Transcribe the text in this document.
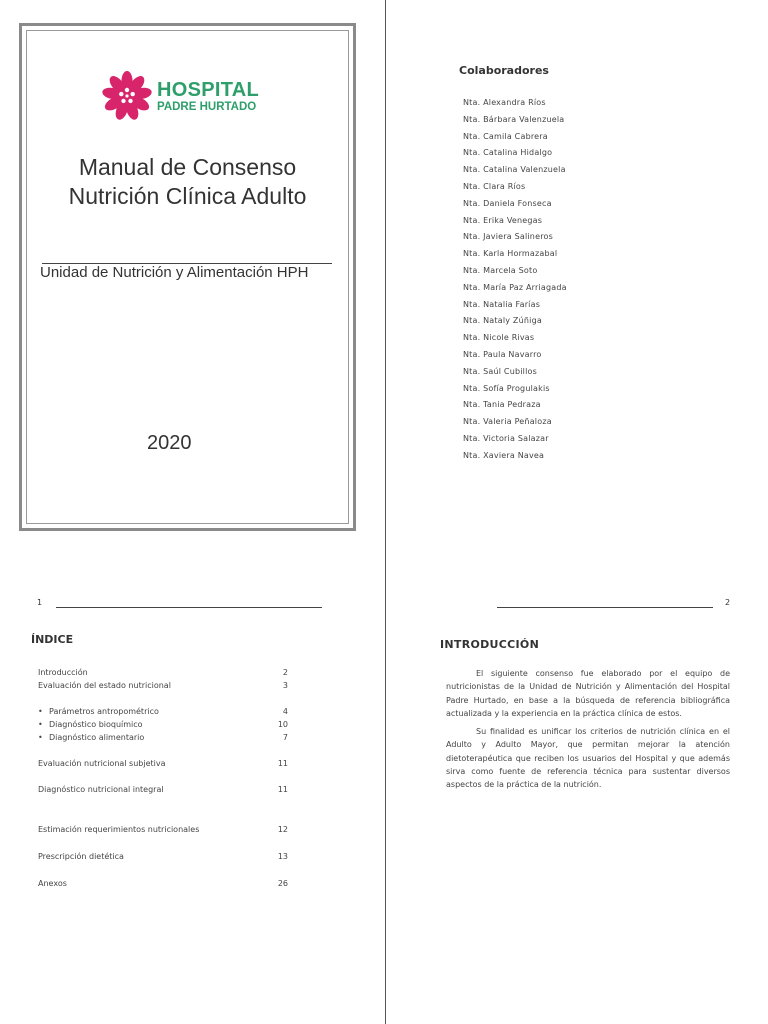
HOSPITAL
PADRE HURTADO
Manual de Consenso
Nutrición Clínica Adulto
Unidad de Nutrición y Alimentación HPH
2020
Colaboradores
Nta. Alexandra Ríos
Nta. Bárbara Valenzuela
Nta. Camila Cabrera
Nta. Catalina Hidalgo
Nta. Catalina Valenzuela
Nta. Clara Ríos
Nta. Daniela Fonseca
Nta. Erika Venegas
Nta. Javiera Salineros
Nta. Karla Hormazabal
Nta. Marcela Soto
Nta. María Paz Arriagada
Nta. Natalia Farías
Nta. Nataly Zúñiga
Nta. Nicole Rivas
Nta. Paula Navarro
Nta. Saúl Cubillos
Nta. Sofía Progulakis
Nta. Tania Pedraza
Nta. Valeria Peñaloza
Nta. Victoria Salazar
Nta. Xaviera Navea
1	2
ÍNDICE
Introducción	2
Evaluación del estado nutricional	3
• Parámetros antropométrico	4
• Diagnóstico bioquímico	10
• Diagnóstico alimentario	7
Evaluación nutricional subjetiva	11
Diagnóstico nutricional integral	11
Estimación requerimientos nutricionales	12
Prescripción dietética	13
Anexos	26
INTRODUCCIÓN

El siguiente consenso fue elaborado por el equipo de nutricionistas de la Unidad de Nutrición y Alimentación del Hospital Padre Hurtado, en base a la búsqueda de referencia bibliográfica actualizada y la experiencia en la práctica clínica de estos.

Su finalidad es unificar los criterios de nutrición clínica en el Adulto y Adulto Mayor, que permitan mejorar la atención dietoterapéutica que reciben los usuarios del Hospital y que además sirva como fuente de referencia técnica para sustentar diversos aspectos de la práctica de la nutrición.
